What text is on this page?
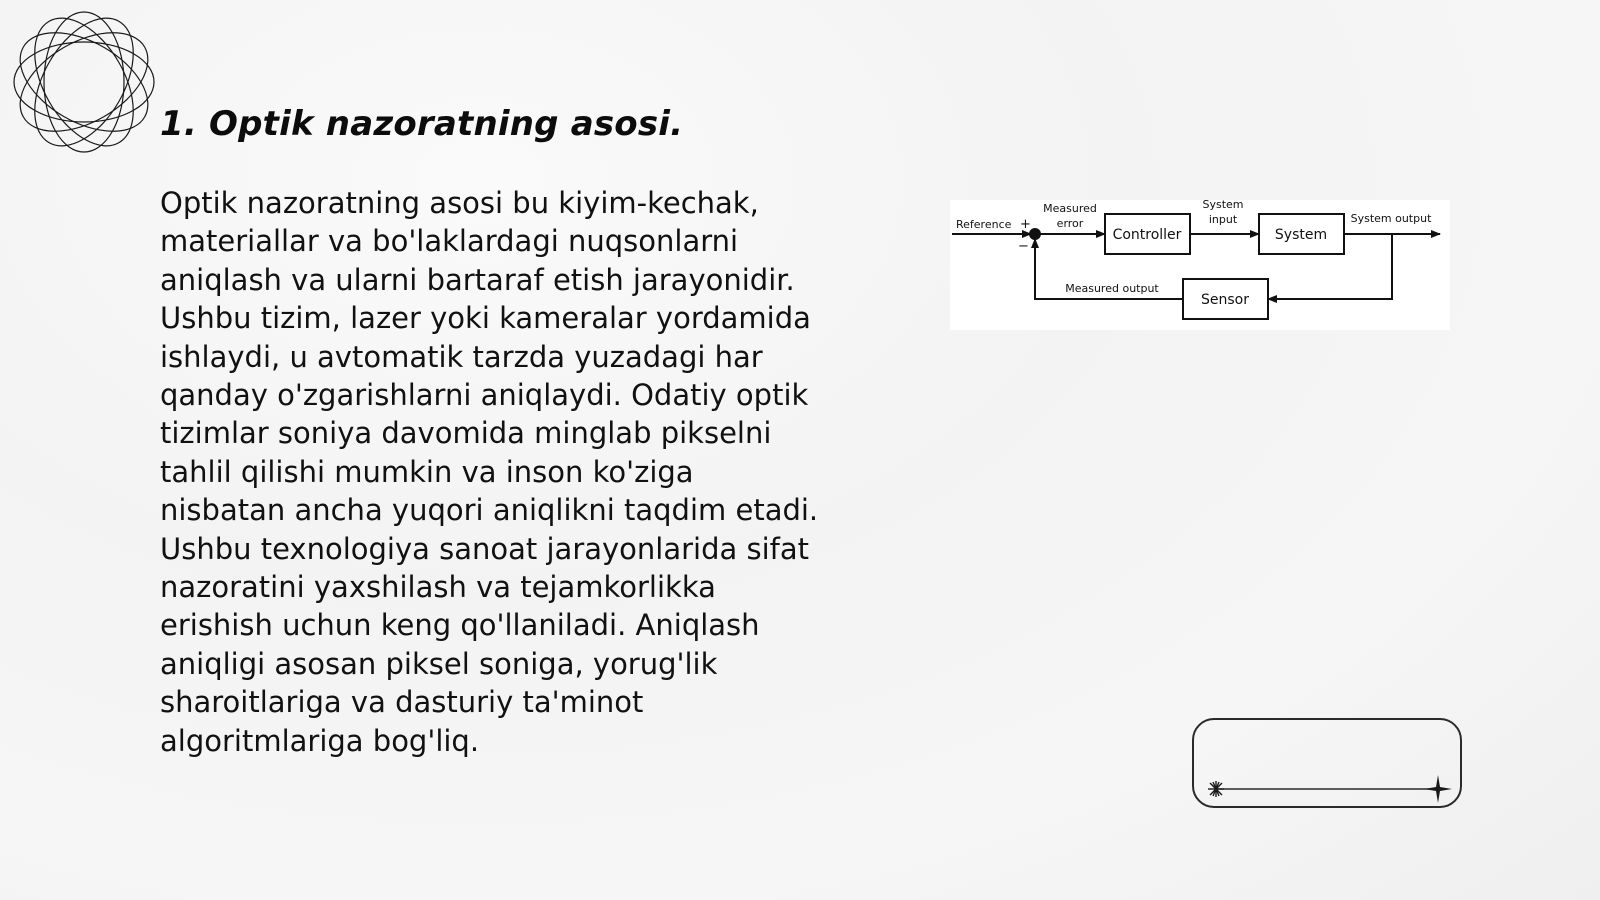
1. Optik nazoratning asosi.

Optik nazoratning asosi bu kiyim-kechak,
materiallar va bo'laklardagi nuqsonlarni
aniqlash va ularni bartaraf etish jarayonidir.
Ushbu tizim, lazer yoki kameralar yordamida
ishlaydi, u avtomatik tarzda yuzadagi har
qanday o'zgarishlarni aniqlaydi. Odatiy optik
tizimlar soniya davomida minglab pikselni
tahlil qilishi mumkin va inson ko'ziga
nisbatan ancha yuqori aniqlikni taqdim etadi.
Ushbu texnologiya sanoat jarayonlarida sifat
nazoratini yaxshilash va tejamkorlikka
erishish uchun keng qo'llaniladi. Aniqlash
aniqligi asosan piksel soniga, yorug'lik
sharoitlariga va dasturiy ta'minot
algoritmlariga bog'liq.

Reference +
−
Measured
error
Controller
System
input
System
System output
Measured output
Sensor
